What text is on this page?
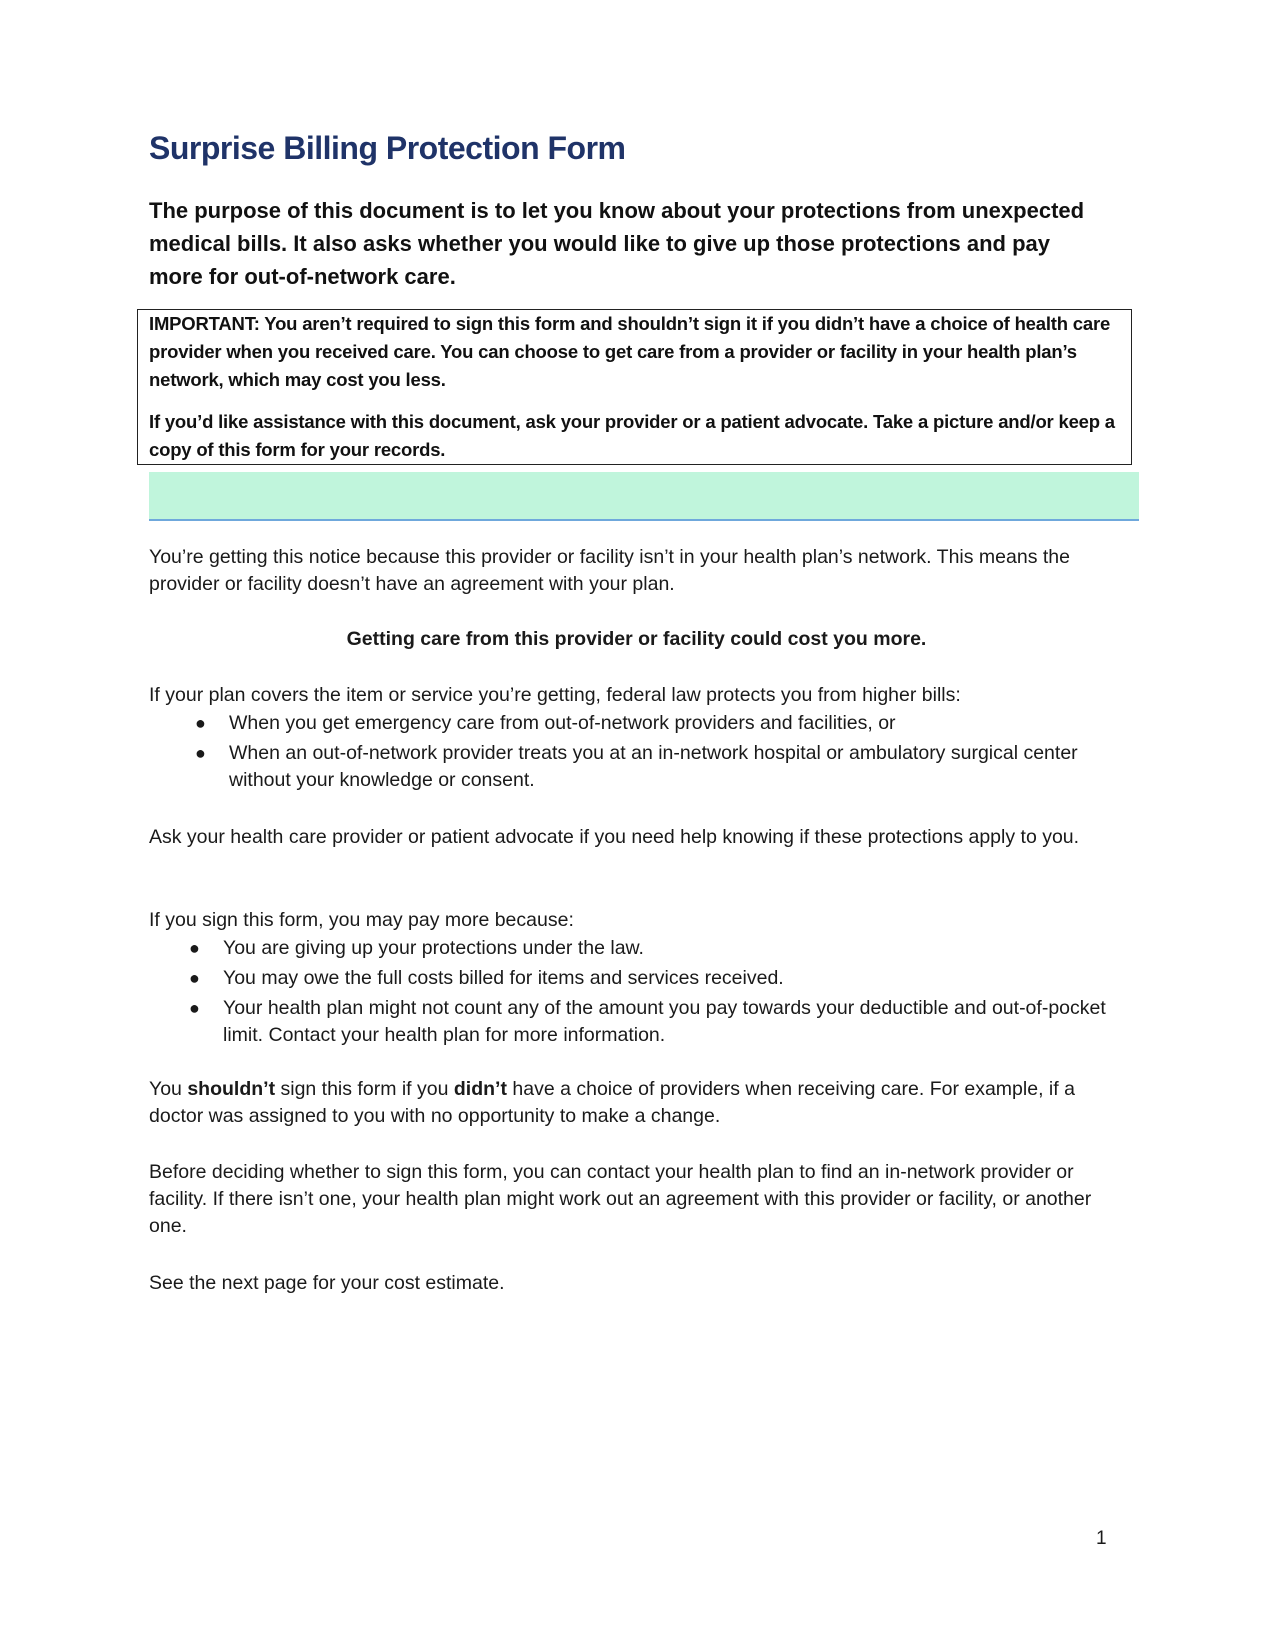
Surprise Billing Protection Form

The purpose of this document is to let you know about your protections from unexpected medical bills. It also asks whether you would like to give up those protections and pay more for out-of-network care.

IMPORTANT: You aren’t required to sign this form and shouldn’t sign it if you didn’t have a choice of health care provider when you received care. You can choose to get care from a provider or facility in your health plan’s network, which may cost you less.

If you’d like assistance with this document, ask your provider or a patient advocate. Take a picture and/or keep a copy of this form for your records.

You’re getting this notice because this provider or facility isn’t in your health plan’s network. This means the provider or facility doesn’t have an agreement with your plan.

Getting care from this provider or facility could cost you more.

If your plan covers the item or service you’re getting, federal law protects you from higher bills:

● When you get emergency care from out-of-network providers and facilities, or
● When an out-of-network provider treats you at an in-network hospital or ambulatory surgical center without your knowledge or consent.

Ask your health care provider or patient advocate if you need help knowing if these protections apply to you.

If you sign this form, you may pay more because:

● You are giving up your protections under the law.
● You may owe the full costs billed for items and services received.
● Your health plan might not count any of the amount you pay towards your deductible and out-of-pocket limit. Contact your health plan for more information.

You shouldn’t sign this form if you didn’t have a choice of providers when receiving care. For example, if a doctor was assigned to you with no opportunity to make a change.

Before deciding whether to sign this form, you can contact your health plan to find an in-network provider or facility. If there isn’t one, your health plan might work out an agreement with this provider or facility, or another one.

See the next page for your cost estimate.

1
